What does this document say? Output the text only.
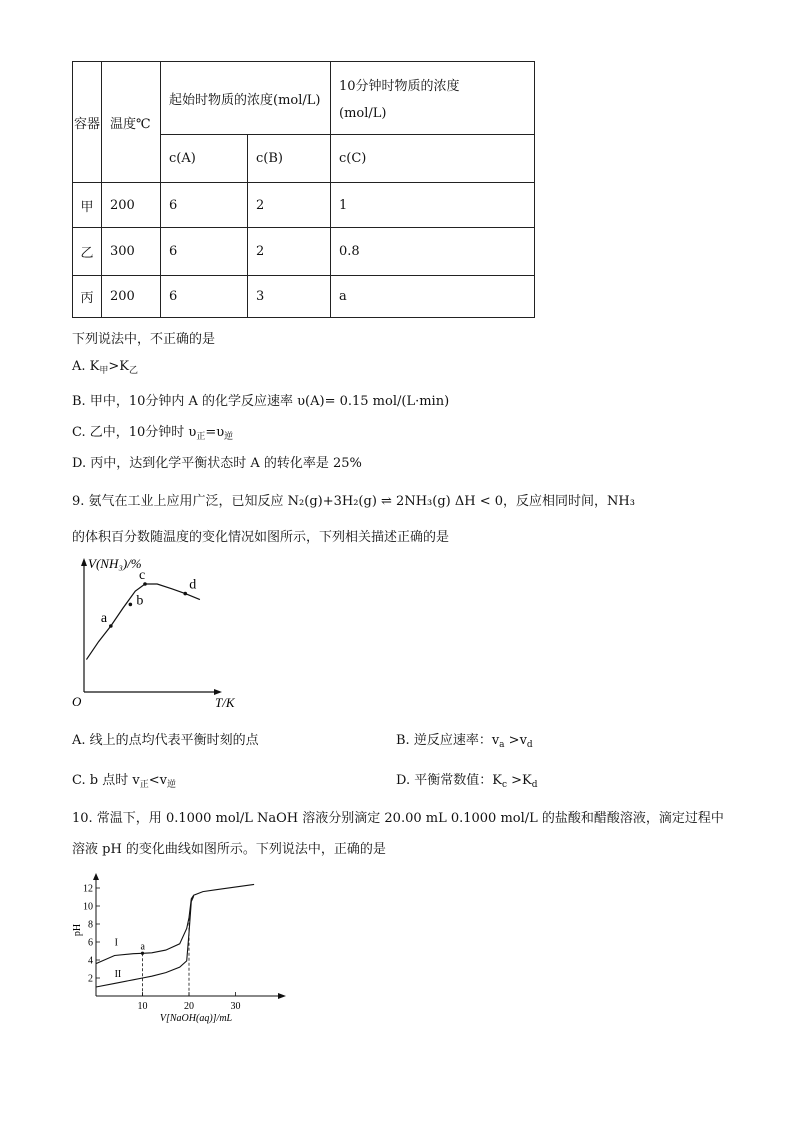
容器	温度℃	起始时物质的浓度(mol/L)		10分钟时物质的浓度
(mol/L)

		c(A)	c(B)	c(C)
甲	200	6	2	1
乙	300	6	2	0.8
丙	200	6	3	a
下列说法中，不正确的是
A. $K_甲>K_乙$
B. 甲中，10分钟内 A 的化学反应速率 υ(A)= 0.15 mol/(L·min)
C. 乙中，10分钟时 $\upsilon_正=\upsilon_逆$
D. 丙中，达到化学平衡状态时 A 的转化率是 25%
9. 氨气在工业上应用广泛，已知反应 N₂(g)+3H₂(g) ⇌ 2NH₃(g) ΔH < 0，反应相同时间，NH₃
的体积百分数随温度的变化情况如图所示，下列相关描述正确的是
V(NH₃)/%
T/K
O
a
b
c
d
A. 线上的点均代表平衡时刻的点	B. 逆反应速率：$v_a >v_d$
C. b 点时 $v_正<v_逆$	D. 平衡常数值：$K_c >K_d$
10. 常温下，用 0.1000 mol/L NaOH 溶液分别滴定 20.00 mL 0.1000 mol/L 的盐酸和醋酸溶液，滴定过程中
溶液 pH 的变化曲线如图所示。下列说法中，正确的是
pH
V[NaOH(aq)]/mL
2
4
6
8
10
12
10	20	30
I
II
a
